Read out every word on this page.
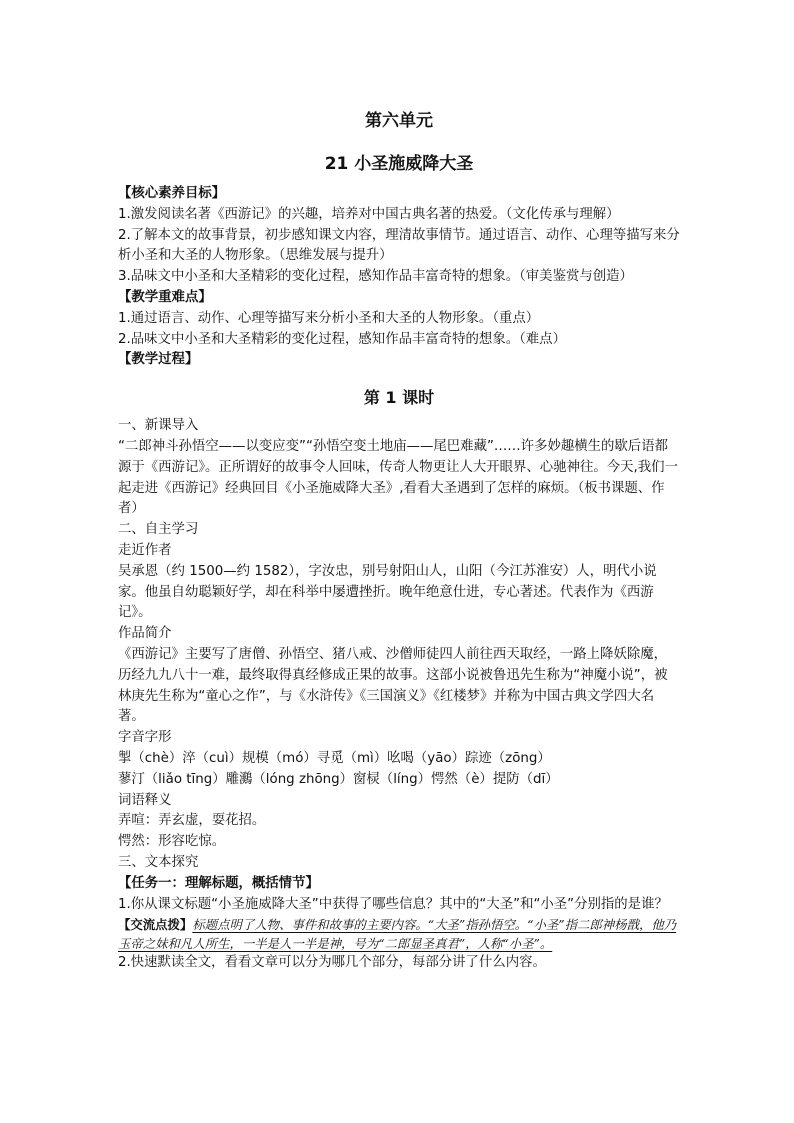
第六单元
21 小圣施威降大圣
【核心素养目标】
1.激发阅读名著《西游记》的兴趣，培养对中国古典名著的热爱。（文化传承与理解）
2.了解本文的故事背景，初步感知课文内容，理清故事情节。通过语言、动作、心理等描写来分析小圣和大圣的人物形象。（思维发展与提升）
3.品味文中小圣和大圣精彩的变化过程，感知作品丰富奇特的想象。（审美鉴赏与创造）
【教学重难点】
1.通过语言、动作、心理等描写来分析小圣和大圣的人物形象。（重点）
2.品味文中小圣和大圣精彩的变化过程，感知作品丰富奇特的想象。（难点）
【教学过程】
第 1 课时
一、新课导入
“二郎神斗孙悟空——以变应变”“孙悟空变土地庙——尾巴难藏”……许多妙趣横生的歇后语都源于《西游记》。正所谓好的故事令人回味，传奇人物更让人大开眼界、心驰神往。今天,我们一起走进《西游记》经典回目《小圣施威降大圣》,看看大圣遇到了怎样的麻烦。（板书课题、作者）
二、自主学习
走近作者
吴承恩（约 1500—约 1582），字汝忠，别号射阳山人，山阳（今江苏淮安）人，明代小说家。他虽自幼聪颖好学，却在科举中屡遭挫折。晚年绝意仕进，专心著述。代表作为《西游记》。
作品简介
《西游记》主要写了唐僧、孙悟空、猪八戒、沙僧师徒四人前往西天取经，一路上降妖除魔，历经九九八十一难，最终取得真经修成正果的故事。这部小说被鲁迅先生称为“神魔小说”，被林庚先生称为“童心之作”，与《水浒传》《三国演义》《红楼梦》并称为中国古典文学四大名著。
字音字形
掣（chè）淬（cuì）规模（mó）寻觅（mì）吆喝（yāo）踪迹（zōng）
蓼汀（liǎo tīng）雕鸂（lóng zhōng）窗棂（líng）愕然（è）提防（dī）
词语释义
弄喧：弄玄虚，耍花招。
愕然：形容吃惊。
三、文本探究
【任务一：理解标题，概括情节】
1.你从课文标题“小圣施威降大圣”中获得了哪些信息？其中的“大圣”和“小圣”分别指的是谁？
【交流点拨】标题点明了人物、事件和故事的主要内容。“大圣”指孙悟空。“小圣”指二郎神杨戬，他乃玉帝之妹和凡人所生，一半是人一半是神，号为“二郎显圣真君”，人称“小圣”。
2.快速默读全文，看看文章可以分为哪几个部分，每部分讲了什么内容。
